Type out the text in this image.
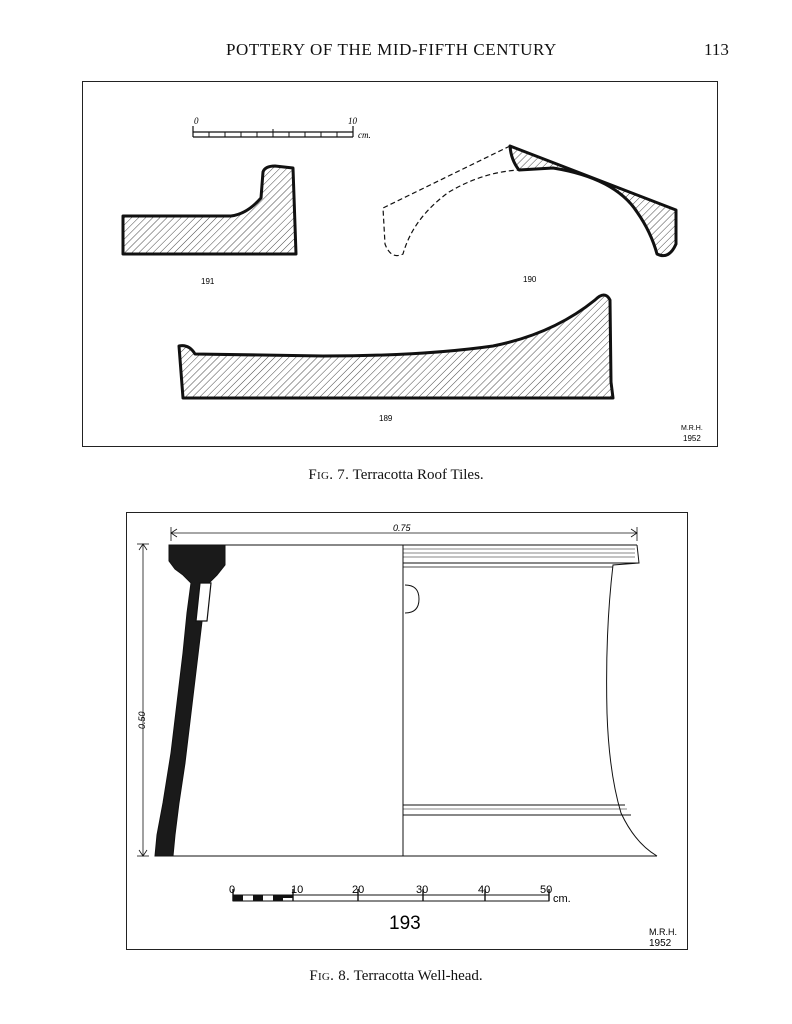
POTTERY OF THE MID-FIFTH CENTURY	113
0	10
cm.
191	190
189
M.R.H.
1952
Fig. 7. Terracotta Roof Tiles.
0.75
0.50
0	10	20	30	40	50
cm.
193	M.R.H.
1952
Fig. 8. Terracotta Well-head.
